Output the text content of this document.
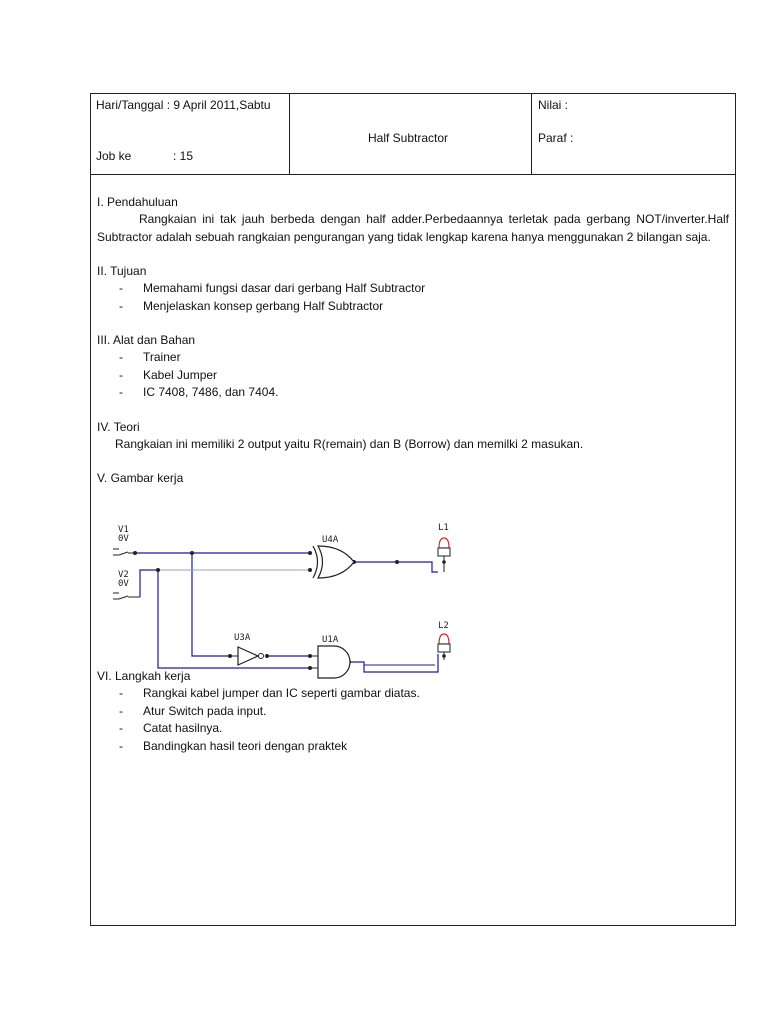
Hari/Tanggal : 9 April 2011,Sabtu
Job ke	: 15
Half Subtractor
Nilai :
Paraf :
I. Pendahuluan
Rangkaian ini tak jauh berbeda dengan half adder.Perbedaannya terletak pada gerbang NOT/inverter.Half Subtractor adalah sebuah rangkaian pengurangan yang tidak lengkap karena hanya menggunakan 2 bilangan saja.
II. Tujuan
- Memahami fungsi dasar dari gerbang Half Subtractor
- Menjelaskan konsep gerbang Half Subtractor
III. Alat dan Bahan
- Trainer
- Kabel Jumper
- IC 7408, 7486, dan 7404.
IV. Teori
Rangkaian ini memiliki 2 output yaitu R(remain) dan B (Borrow) dan memilki 2 masukan.
V. Gambar kerja
VI. Langkah kerja
- Rangkai kabel jumper dan IC seperti gambar diatas.
- Atur Switch pada input.
- Catat hasilnya.
- Bandingkan hasil teori dengan praktek
V1
0V
V2
0V
U4A
U3A	U1A
L1
L2
